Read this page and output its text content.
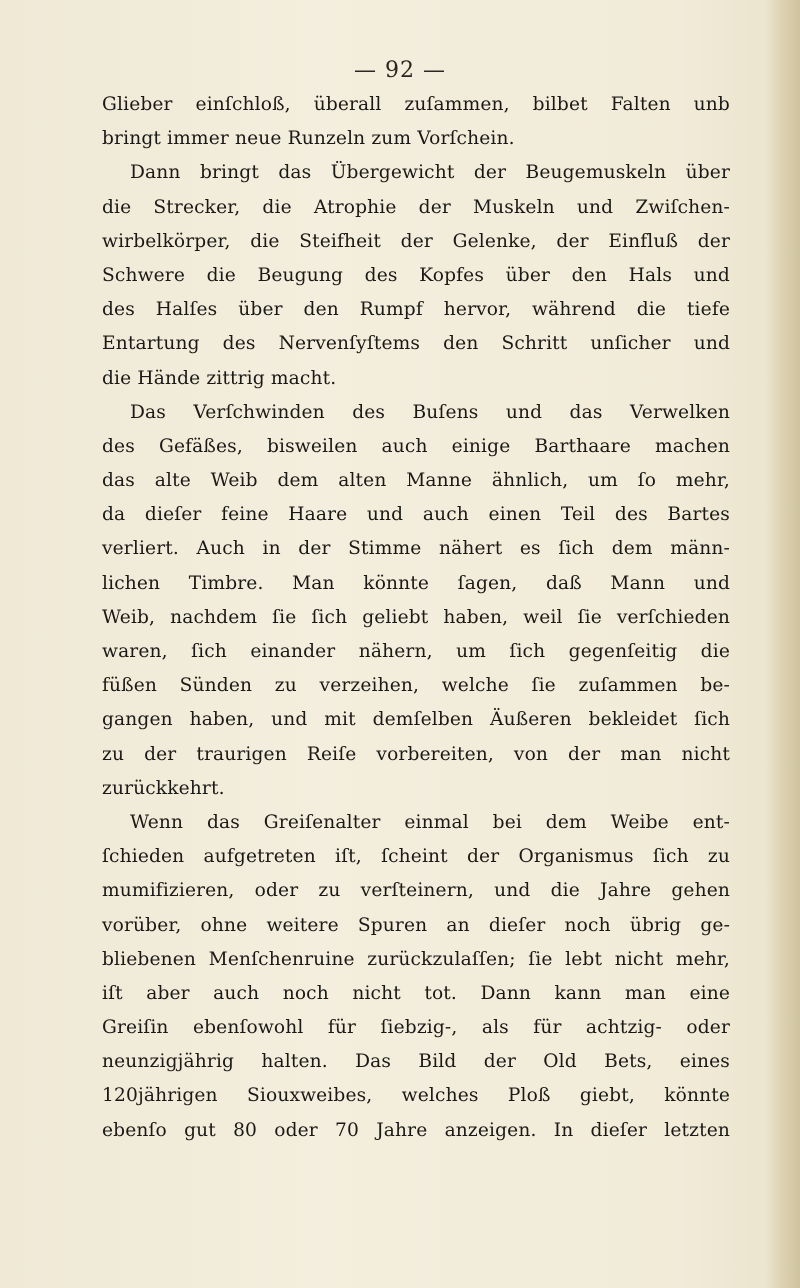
— 92 —
Glieber einſchloß, überall zuſammen, bilbet Falten unb
bringt immer neue Runzeln zum Vorſchein.
Dann bringt das Übergewicht der Beugemuskeln über
die Strecker, die Atrophie der Muskeln und Zwiſchen-
wirbelkörper, die Steifheit der Gelenke, der Einfluß der
Schwere die Beugung des Kopfes über den Hals und
des Halſes über den Rumpf hervor, während die tiefe
Entartung des Nervenſyſtems den Schritt unſicher und
die Hände zittrig macht.
Das Verſchwinden des Buſens und das Verwelken
des Gefäßes, bisweilen auch einige Barthaare machen
das alte Weib dem alten Manne ähnlich, um ſo mehr,
da dieſer feine Haare und auch einen Teil des Bartes
verliert. Auch in der Stimme nähert es ſich dem männ-
lichen Timbre. Man könnte ſagen, daß Mann und
Weib, nachdem ſie ſich geliebt haben, weil ſie verſchieden
waren, ſich einander nähern, um ſich gegenſeitig die
füßen Sünden zu verzeihen, welche ſie zuſammen be-
gangen haben, und mit demſelben Äußeren bekleidet ſich
zu der traurigen Reiſe vorbereiten, von der man nicht
zurückkehrt.
Wenn das Greiſenalter einmal bei dem Weibe ent-
ſchieden aufgetreten iſt, ſcheint der Organismus ſich zu
mumifizieren, oder zu verſteinern, und die Jahre gehen
vorüber, ohne weitere Spuren an dieſer noch übrig ge-
bliebenen Menſchenruine zurückzulaſſen; ſie lebt nicht mehr,
iſt aber auch noch nicht tot. Dann kann man eine
Greiſin ebenſowohl für ſiebzig-, als für achtzig- oder
neunzigjährig halten. Das Bild der Old Bets, eines
120jährigen Siouxweibes, welches Ploß giebt, könnte
ebenſo gut 80 oder 70 Jahre anzeigen. In dieſer letzten
